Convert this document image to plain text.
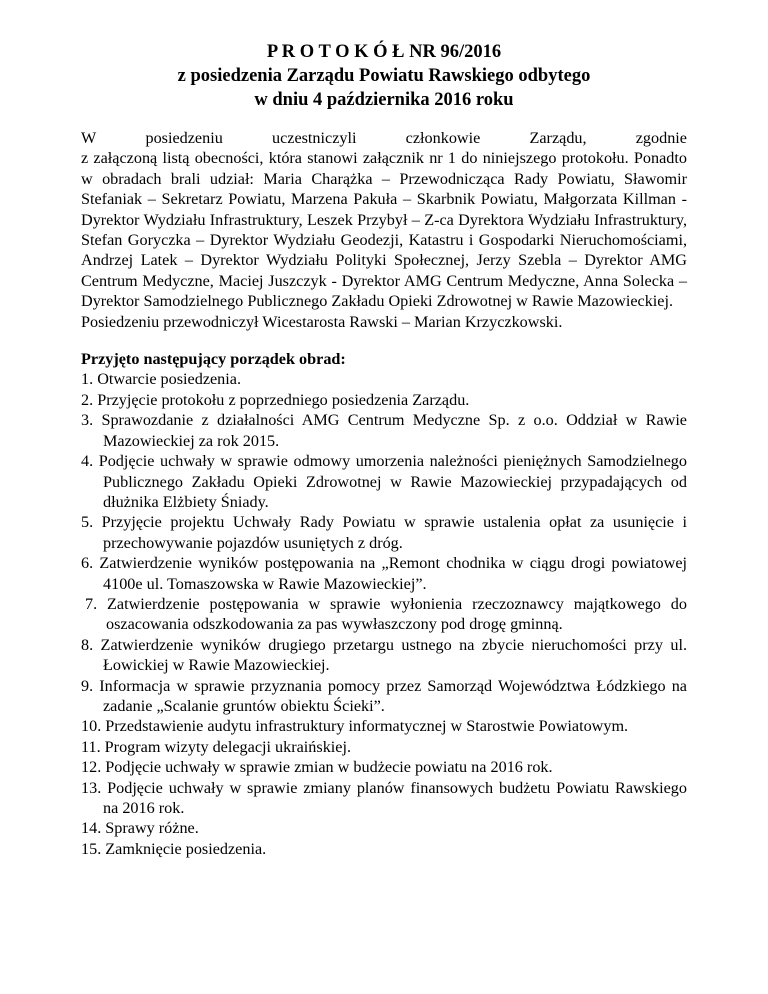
P R O T O K Ó Ł NR 96/2016
z posiedzenia Zarządu Powiatu Rawskiego odbytego
w dniu 4 października 2016 roku
W	posiedzeniu	uczestniczyli	członkowie	Zarządu,	zgodnie

z załączoną listą obecności, która stanowi załącznik nr 1 do niniejszego protokołu. Ponadto w obradach brali udział: Maria Charążka – Przewodnicząca Rady Powiatu, Sławomir Stefaniak – Sekretarz Powiatu, Marzena Pakuła – Skarbnik Powiatu, Małgorzata Killman - Dyrektor Wydziału Infrastruktury, Leszek Przybył – Z-ca Dyrektora Wydziału Infrastruktury, Stefan Goryczka – Dyrektor Wydziału Geodezji, Katastru i Gospodarki Nieruchomościami, Andrzej Latek – Dyrektor Wydziału Polityki Społecznej, Jerzy Szebla – Dyrektor AMG Centrum Medyczne, Maciej Juszczyk - Dyrektor AMG Centrum Medyczne, Anna Solecka – Dyrektor Samodzielnego Publicznego Zakładu Opieki Zdrowotnej w Rawie Mazowieckiej.

Posiedzeniu przewodniczył Wicestarosta Rawski – Marian Krzyczkowski.

Przyjęto następujący porządek obrad:
1. Otwarcie posiedzenia.
2. Przyjęcie protokołu z poprzedniego posiedzenia Zarządu.
3. Sprawozdanie z działalności AMG Centrum Medyczne Sp. z o.o. Oddział w Rawie Mazowieckiej za rok 2015.
4. Podjęcie uchwały w sprawie odmowy umorzenia należności pieniężnych Samodzielnego Publicznego Zakładu Opieki Zdrowotnej w Rawie Mazowieckiej przypadających od dłużnika Elżbiety Śniady.
5. Przyjęcie projektu Uchwały Rady Powiatu w sprawie ustalenia opłat za usunięcie i przechowywanie pojazdów usuniętych z dróg.
6. Zatwierdzenie wyników postępowania na „Remont chodnika w ciągu drogi powiatowej 4100e ul. Tomaszowska w Rawie Mazowieckiej”.
7. Zatwierdzenie postępowania w sprawie wyłonienia rzeczoznawcy majątkowego do oszacowania odszkodowania za pas wywłaszczony pod drogę gminną.
8. Zatwierdzenie wyników drugiego przetargu ustnego na zbycie nieruchomości przy ul. Łowickiej w Rawie Mazowieckiej.
9. Informacja w sprawie przyznania pomocy przez Samorząd Województwa Łódzkiego na zadanie „Scalanie gruntów obiektu Ścieki”.
10. Przedstawienie audytu infrastruktury informatycznej w Starostwie Powiatowym.
11. Program wizyty delegacji ukraińskiej.
12. Podjęcie uchwały w sprawie zmian w budżecie powiatu na 2016 rok.
13. Podjęcie uchwały w sprawie zmiany planów finansowych budżetu Powiatu Rawskiego na 2016 rok.
14. Sprawy różne.
15. Zamknięcie posiedzenia.
